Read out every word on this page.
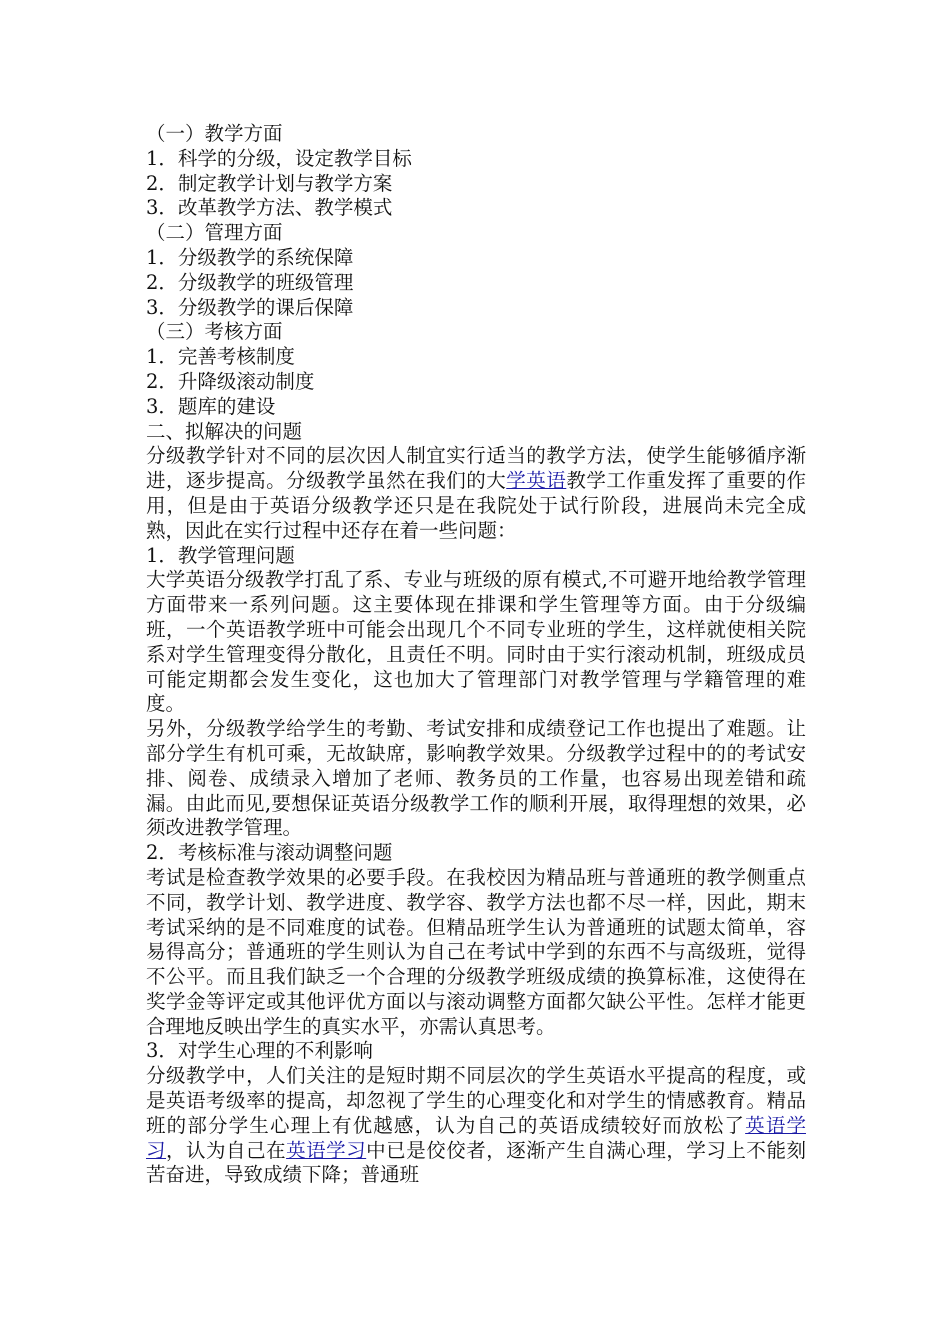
（一）教学方面
1．科学的分级，设定教学目标
2．制定教学计划与教学方案
3．改革教学方法、教学模式
（二）管理方面
1．分级教学的系统保障
2．分级教学的班级管理
3．分级教学的课后保障
（三）考核方面
1．完善考核制度
2．升降级滚动制度
3．题库的建设
二、拟解决的问题
分级教学针对不同的层次因人制宜实行适当的教学方法，使学生能够循序渐进，逐步提高。分级教学虽然在我们的大学英语教学工作重发挥了重要的作用，但是由于英语分级教学还只是在我院处于试行阶段，进展尚未完全成熟，因此在实行过程中还存在着一些问题：
1．教学管理问题
大学英语分级教学打乱了系、专业与班级的原有模式,不可避开地给教学管理方面带来一系列问题。这主要体现在排课和学生管理等方面。由于分级编班，一个英语教学班中可能会出现几个不同专业班的学生，这样就使相关院系对学生管理变得分散化，且责任不明。同时由于实行滚动机制，班级成员可能定期都会发生变化，这也加大了管理部门对教学管理与学籍管理的难度。
另外，分级教学给学生的考勤、考试安排和成绩登记工作也提出了难题。让部分学生有机可乘，无故缺席，影响教学效果。分级教学过程中的的考试安排、阅卷、成绩录入增加了老师、教务员的工作量，也容易出现差错和疏漏。由此而见,要想保证英语分级教学工作的顺利开展，取得理想的效果，必须改进教学管理。
2．考核标准与滚动调整问题
考试是检查教学效果的必要手段。在我校因为精品班与普通班的教学侧重点不同，教学计划、教学进度、教学容、教学方法也都不尽一样，因此，期末考试采纳的是不同难度的试卷。但精品班学生认为普通班的试题太简单，容易得高分；普通班的学生则认为自己在考试中学到的东西不与高级班，觉得不公平。而且我们缺乏一个合理的分级教学班级成绩的换算标准，这使得在奖学金等评定或其他评优方面以与滚动调整方面都欠缺公平性。怎样才能更合理地反映出学生的真实水平，亦需认真思考。
3．对学生心理的不利影响
分级教学中，人们关注的是短时期不同层次的学生英语水平提高的程度，或是英语考级率的提高，却忽视了学生的心理变化和对学生的情感教育。精品班的部分学生心理上有优越感，认为自己的英语成绩较好而放松了英语学习，认为自己在英语学习中已是佼佼者，逐渐产生自满心理，学习上不能刻苦奋进，导致成绩下降；普通班
